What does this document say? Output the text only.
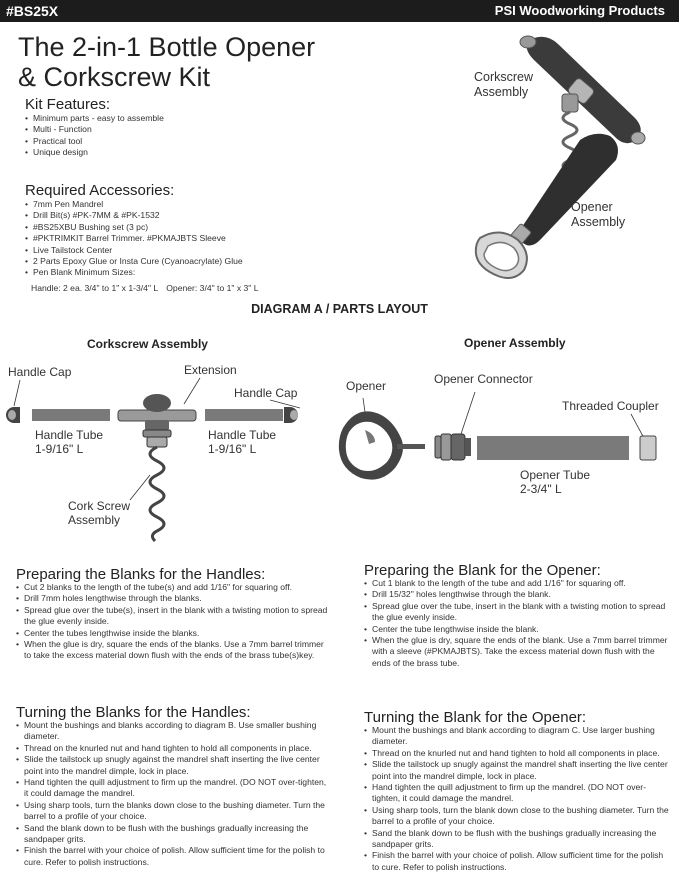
#BS25X	PSI Woodworking Products
The 2-in-1 Bottle Opener
& Corkscrew Kit
Kit Features:
• Minimum parts - easy to assemble
• Multi - Function
• Practical tool
• Unique design
Required Accessories:
• 7mm Pen Mandrel
• Drill Bit(s) #PK-7MM & #PK-1532
• #BS25XBU Bushing set (3 pc)
• #PKTRIMKIT Barrel Trimmer. #PKMAJBTS Sleeve
• Live Tailstock Center
• 2 Parts Epoxy Glue or Insta Cure (Cyanoacrylate) Glue
• Pen Blank Minimum Sizes:
Handle: 2 ea. 3/4" to 1" x 1-3/4" L Opener: 3/4" to 1" x 3" L
Corkscrew
Assembly
Opener
Assembly
DIAGRAM A / PARTS LAYOUT
Corkscrew Assembly
Handle Cap	Extension
Handle Cap
Handle Tube
1-9/16" L
Handle Tube
1-9/16" L
Cork Screw
Assembly
Opener Assembly
Opener	Opener Connector
Threaded Coupler
Opener Tube
2-3/4" L
Preparing the Blanks for the Handles:
• Cut 2 blanks to the length of the tube(s) and add 1/16" for squaring off.
• Drill 7mm holes lengthwise through the blanks.
• Spread glue over the tube(s), insert in the blank with a twisting motion to spread the glue evenly inside.
• Center the tubes lengthwise inside the blanks.
• When the glue is dry, square the ends of the blanks. Use a 7mm barrel trimmer to take the excess material down flush with the ends of the brass tube(s)key.
Preparing the Blank for the Opener:
• Cut 1 blank to the length of the tube and add 1/16" for squaring off.
• Drill 15/32" holes lengthwise through the blank.
• Spread glue over the tube, insert in the blank with a twisting motion to spread the glue evenly inside.
• Center the tube lengthwise inside the blank.
• When the glue is dry, square the ends of the blank. Use a 7mm barrel trimmer with a sleeve (#PKMAJBTS). Take the excess material down flush with the ends of the brass tube.
Turning the Blanks for the Handles:
• Mount the bushings and blanks according to diagram B. Use smaller bushing diameter.
• Thread on the knurled nut and hand tighten to hold all components in place.
• Slide the tailstock up snugly against the mandrel shaft inserting the live center point into the mandrel dimple, lock in place.
• Hand tighten the quill adjustment to firm up the mandrel. (DO NOT over-tighten, it could damage the mandrel.
• Using sharp tools, turn the blanks down close to the bushing diameter. Turn the barrel to a profile of your choice.
• Sand the blank down to be flush with the bushings gradually increasing the sandpaper grits.
• Finish the barrel with your choice of polish. Allow sufficient time for the polish to cure. Refer to polish instructions.
Turning the Blank for the Opener:
• Mount the bushings and blank according to diagram C. Use larger bushing diameter.
• Thread on the knurled nut and hand tighten to hold all components in place.
• Slide the tailstock up snugly against the mandrel shaft inserting the live center point into the mandrel dimple, lock in place.
• Hand tighten the quill adjustment to firm up the mandrel. (DO NOT over-tighten, it could damage the mandrel.
• Using sharp tools, turn the blank down close to the bushing diameter. Turn the barrel to a profile of your choice.
• Sand the blank down to be flush with the bushings gradually increasing the sandpaper grits.
• Finish the barrel with your choice of polish. Allow sufficient time for the polish to cure. Refer to polish instructions.
